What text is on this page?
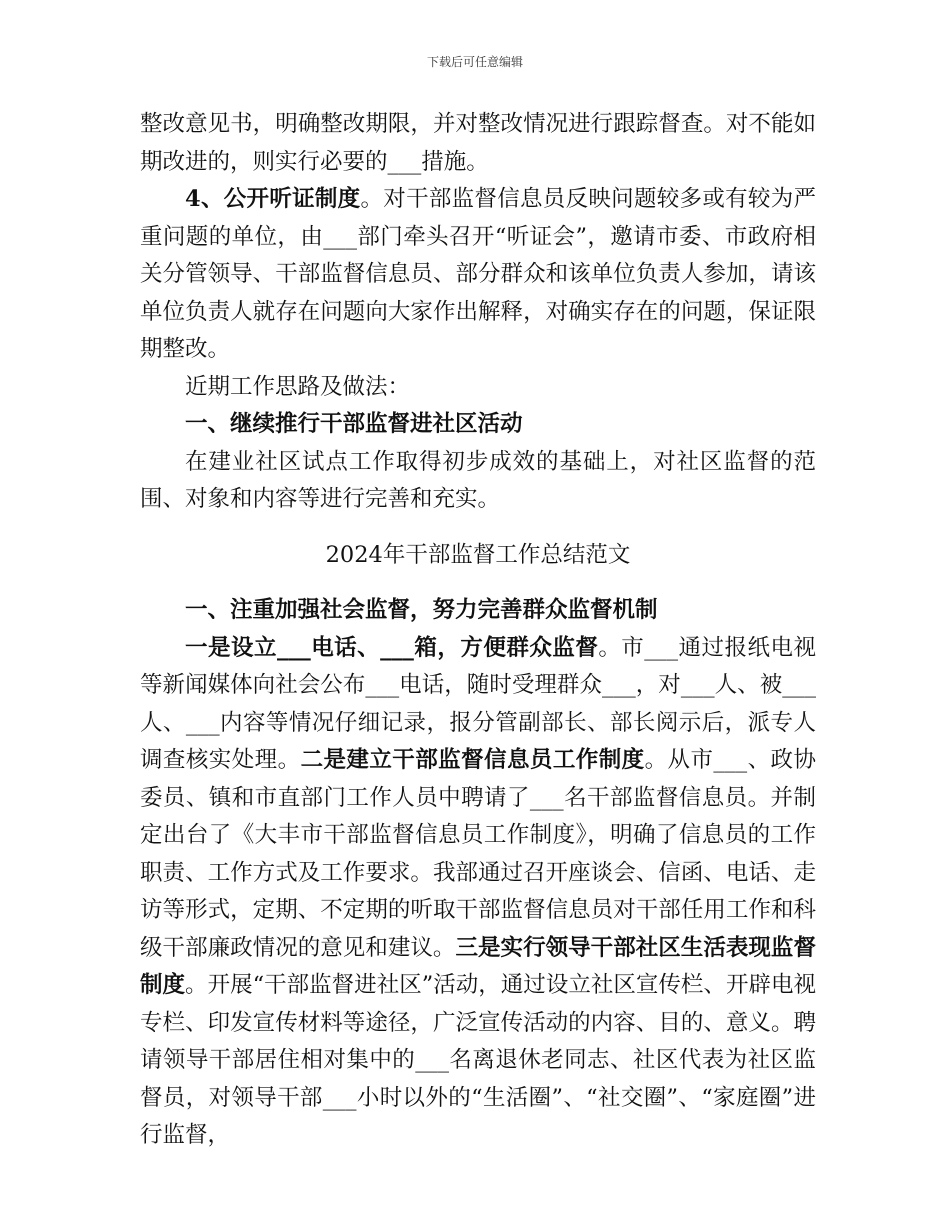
下载后可任意编辑

整改意见书，明确整改期限，并对整改情况进行跟踪督查。对不能如期改进的，则实行必要的___措施。

4、公开听证制度。对干部监督信息员反映问题较多或有较为严重问题的单位，由___部门牵头召开“听证会”，邀请市委、市政府相关分管领导、干部监督信息员、部分群众和该单位负责人参加，请该单位负责人就存在问题向大家作出解释，对确实存在的问题，保证限期整改。

近期工作思路及做法：

一、继续推行干部监督进社区活动

在建业社区试点工作取得初步成效的基础上，对社区监督的范围、对象和内容等进行完善和充实。

2024年干部监督工作总结范文

一、注重加强社会监督，努力完善群众监督机制

一是设立___电话、___箱，方便群众监督。市___通过报纸电视等新闻媒体向社会公布___电话，随时受理群众___，对___人、被___人、___内容等情况仔细记录，报分管副部长、部长阅示后，派专人调查核实处理。二是建立干部监督信息员工作制度。从市___、政协委员、镇和市直部门工作人员中聘请了___名干部监督信息员。并制定出台了《大丰市干部监督信息员工作制度》，明确了信息员的工作职责、工作方式及工作要求。我部通过召开座谈会、信函、电话、走访等形式，定期、不定期的听取干部监督信息员对干部任用工作和科级干部廉政情况的意见和建议。三是实行领导干部社区生活表现监督制度。开展“干部监督进社区”活动，通过设立社区宣传栏、开辟电视专栏、印发宣传材料等途径，广泛宣传活动的内容、目的、意义。聘请领导干部居住相对集中的___名离退休老同志、社区代表为社区监督员，对领导干部___小时以外的“生活圈”、“社交圈”、“家庭圈”进行监督，
